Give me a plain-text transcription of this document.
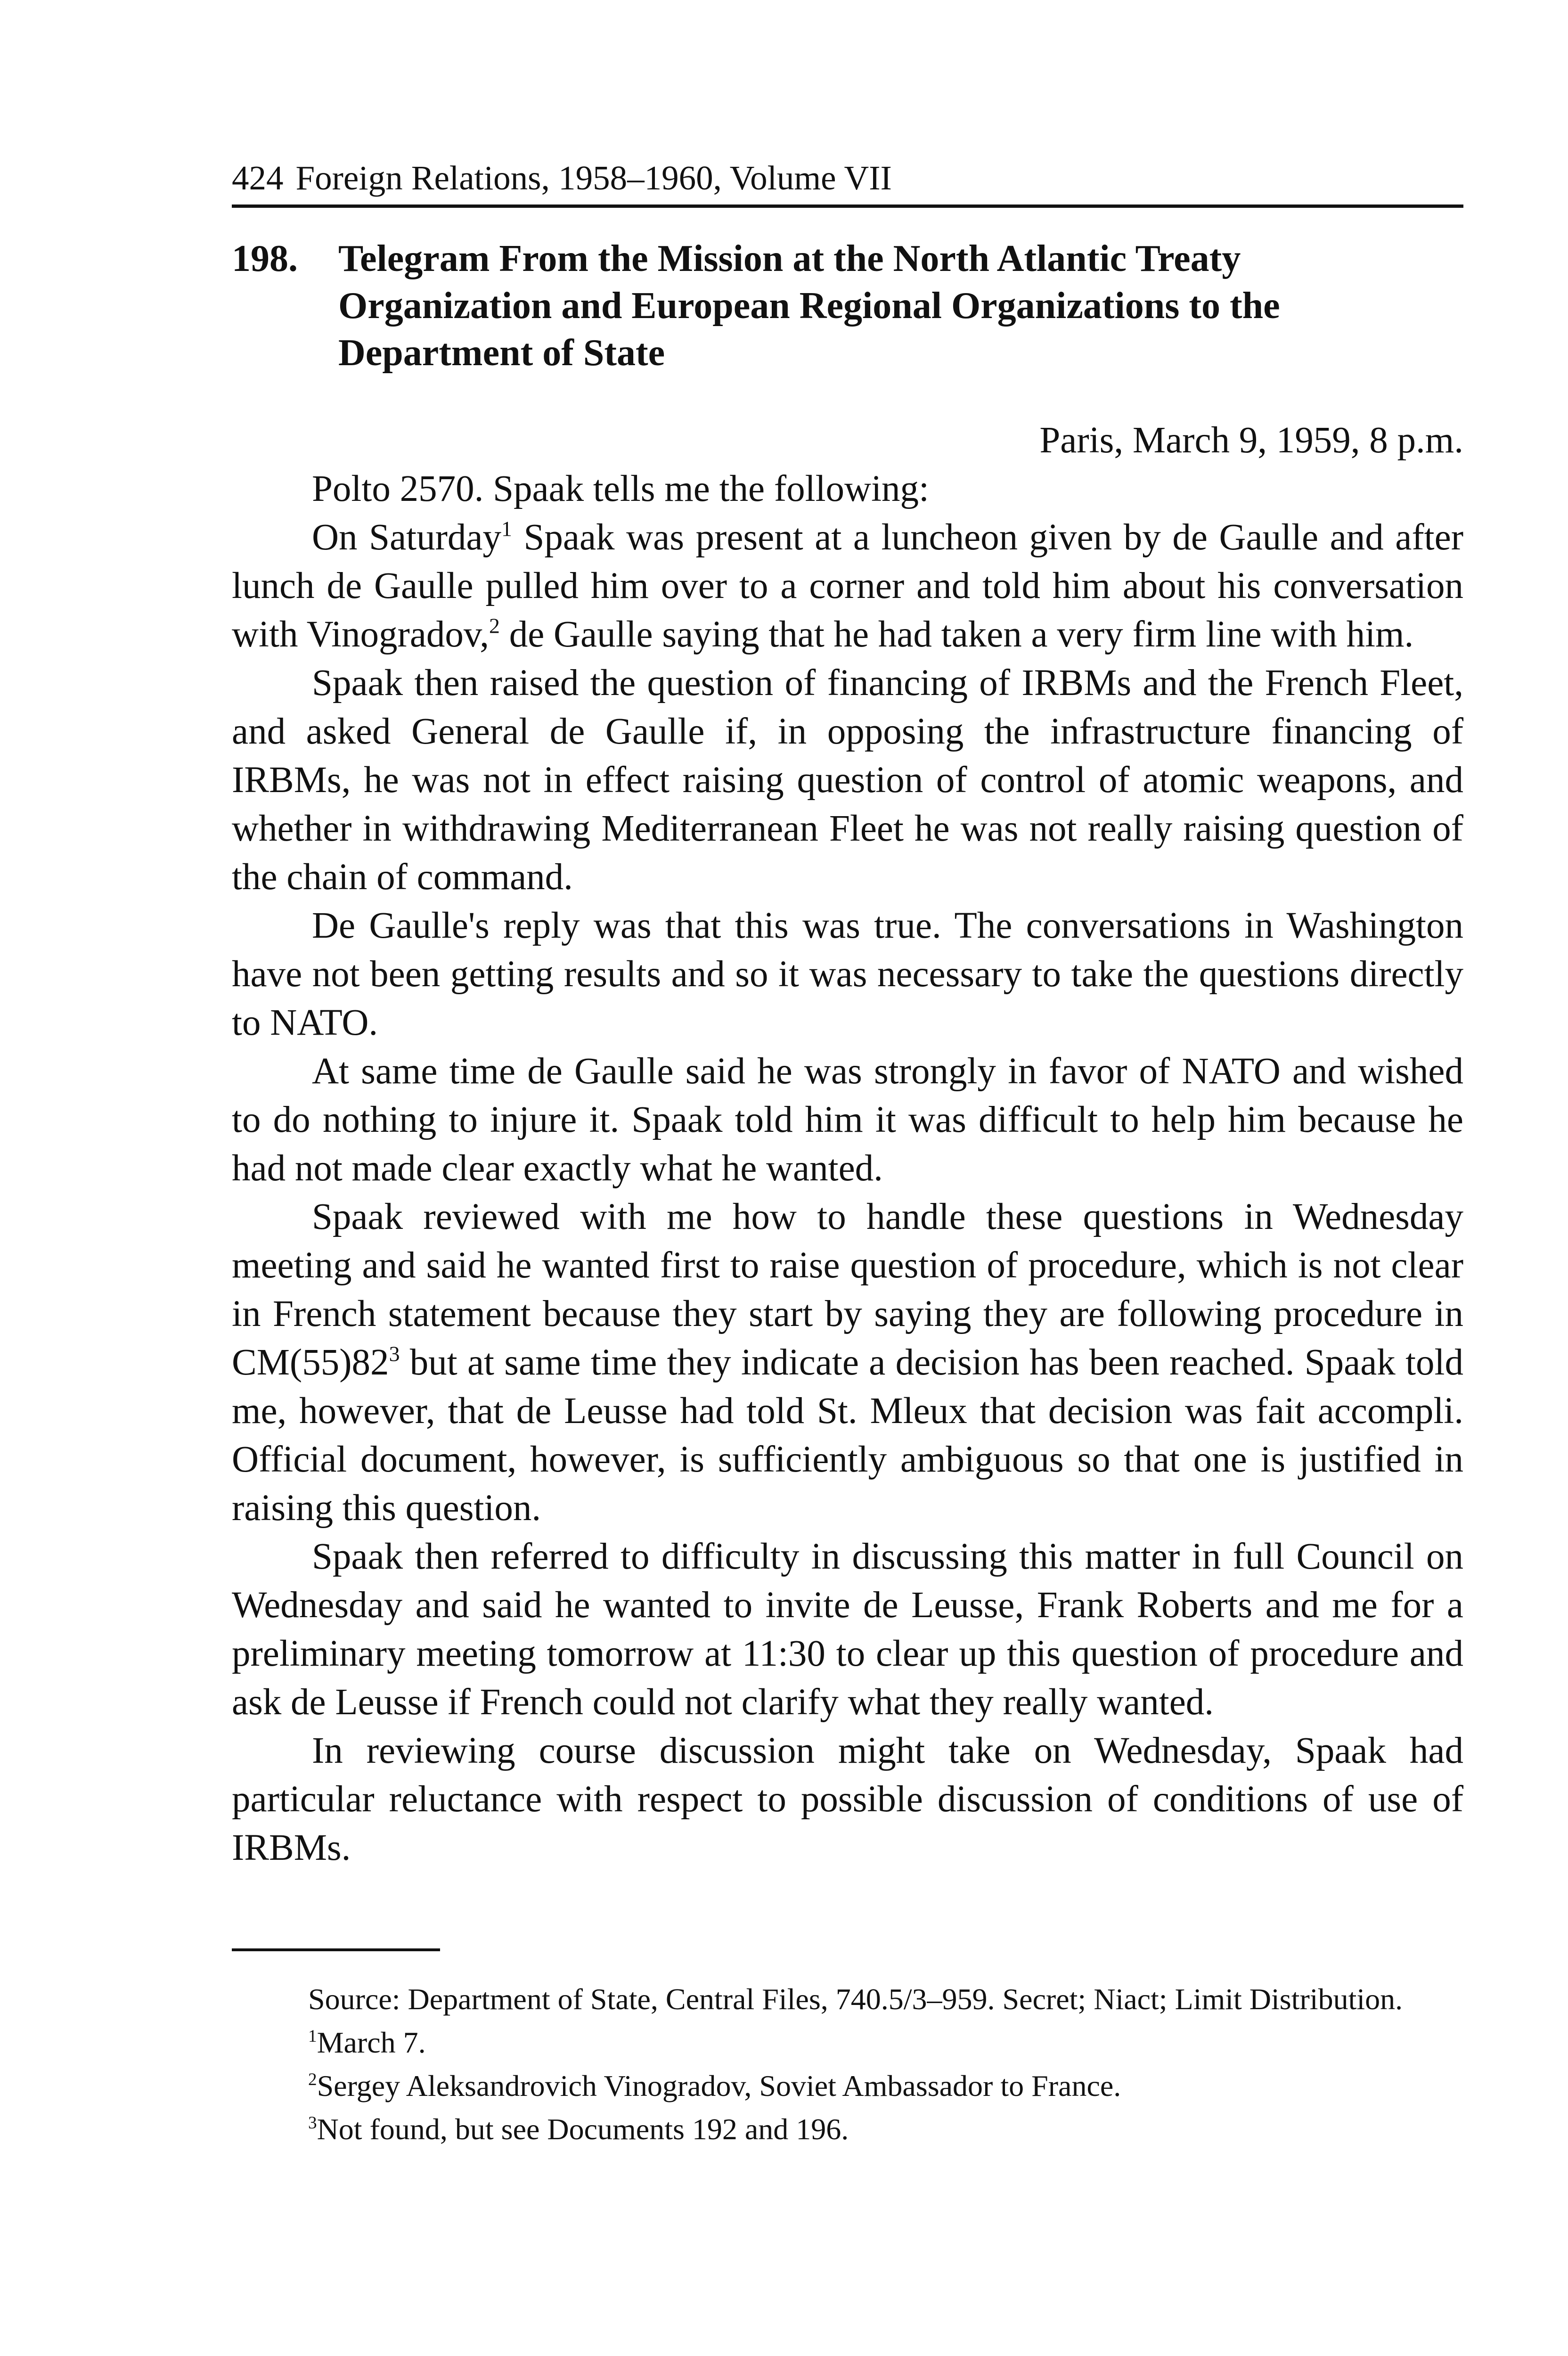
424 Foreign Relations, 1958–1960, Volume VII
198.	Telegram From the Mission at the North Atlantic Treaty Organization and European Regional Organizations to the Department of State
Paris, March 9, 1959, 8 p.m.

Polto 2570. Spaak tells me the following:

On Saturday$^1$ Spaak was present at a luncheon given by de Gaulle and after lunch de Gaulle pulled him over to a corner and told him about his conversation with Vinogradov,$^2$ de Gaulle saying that he had taken a very firm line with him.

Spaak then raised the question of financing of IRBMs and the French Fleet, and asked General de Gaulle if, in opposing the infrastructure financing of IRBMs, he was not in effect raising question of control of atomic weapons, and whether in withdrawing Mediterranean Fleet he was not really raising question of the chain of command.

De Gaulle's reply was that this was true. The conversations in Washington have not been getting results and so it was necessary to take the questions directly to NATO.

At same time de Gaulle said he was strongly in favor of NATO and wished to do nothing to injure it. Spaak told him it was difficult to help him because he had not made clear exactly what he wanted.

Spaak reviewed with me how to handle these questions in Wednesday meeting and said he wanted first to raise question of procedure, which is not clear in French statement because they start by saying they are following procedure in $CM(55)82^3$ but at same time they indicate a decision has been reached. Spaak told me, however, that de Leusse had told St. Mleux that decision was fait accompli. Official document, however, is sufficiently ambiguous so that one is justified in raising this question.

Spaak then referred to difficulty in discussing this matter in full Council on Wednesday and said he wanted to invite de Leusse, Frank Roberts and me for a preliminary meeting tomorrow at 11:30 to clear up this question of procedure and ask de Leusse if French could not clarify what they really wanted.

In reviewing course discussion might take on Wednesday, Spaak had particular reluctance with respect to possible discussion of conditions of use of IRBMs.

Source: Department of State, Central Files, 740.5/3–959. Secret; Niact; Limit Distribution.

$^1$March 7.

$^2$Sergey Aleksandrovich Vinogradov, Soviet Ambassador to France.

$^3$Not found, but see Documents 192 and 196.
